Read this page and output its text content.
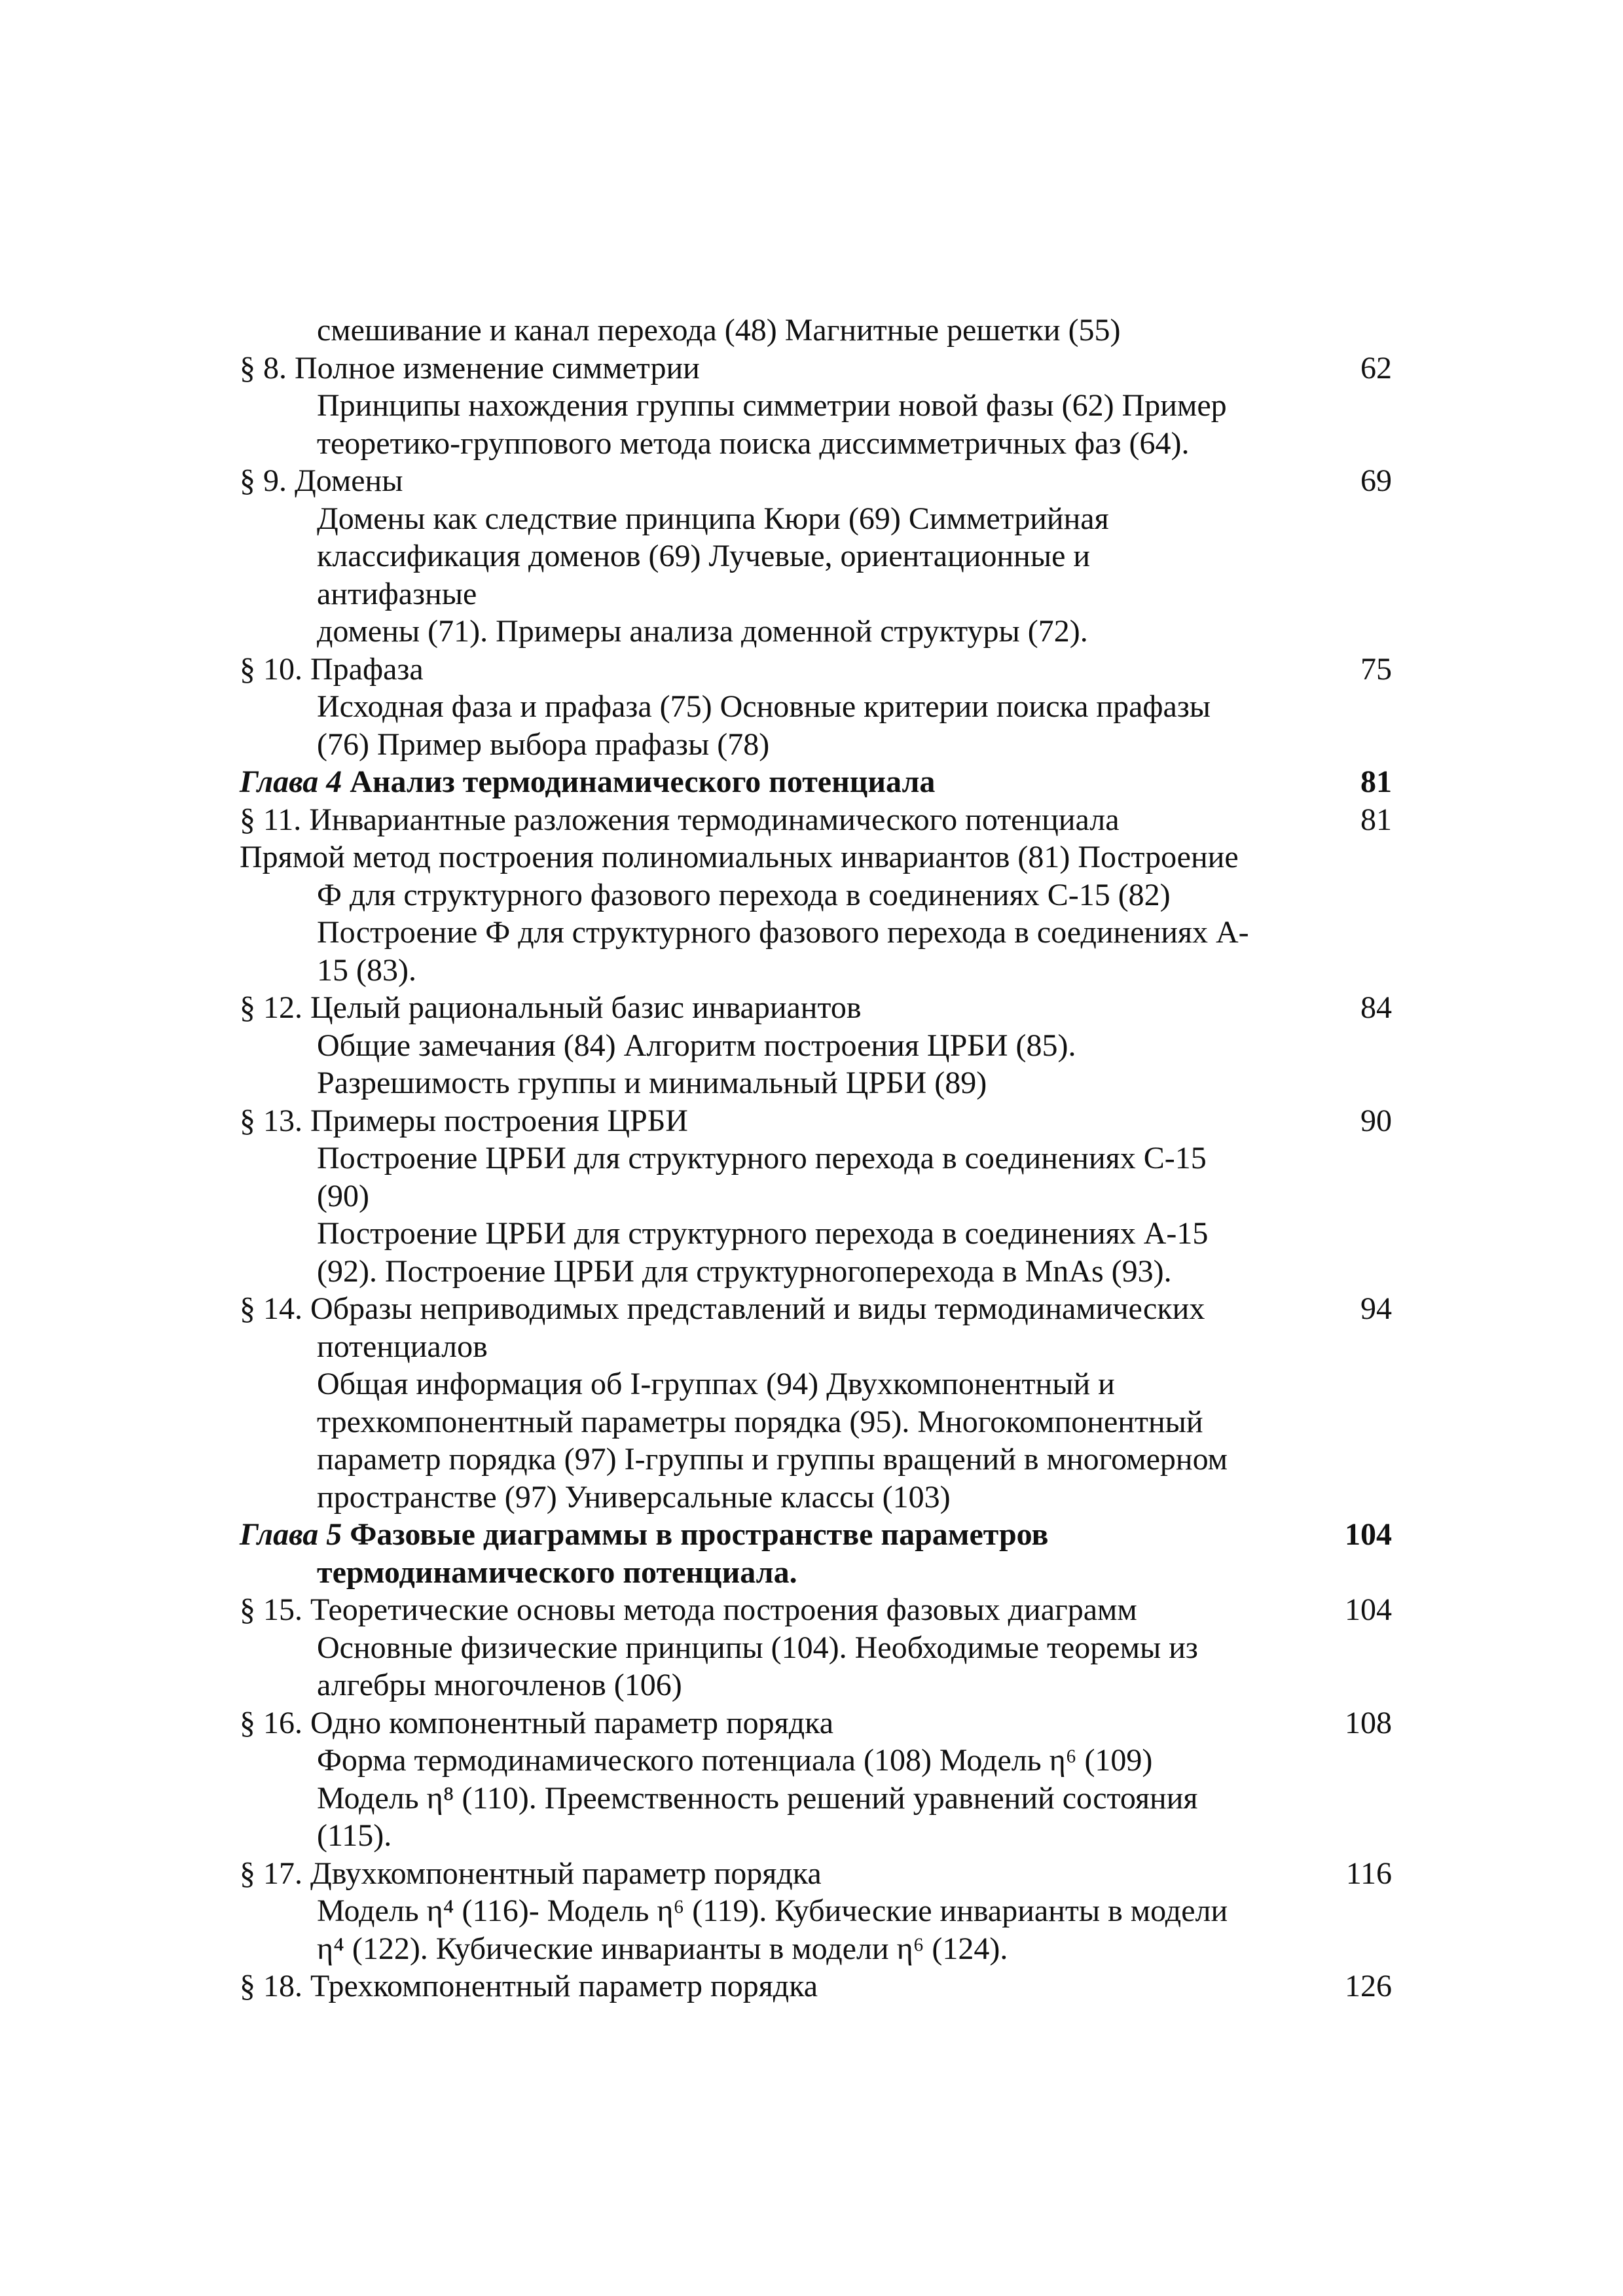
смешивание и канал перехода (48) Магнитные решетки (55)
§ 8. Полное изменение симметрии	62
Принципы нахождения группы симметрии новой фазы (62) Пример
теоретико-группового метода поиска диссимметричных фаз (64).
§ 9. Домены	69
Домены как следствие принципа Кюри (69) Симметрийная
классификация доменов (69) Лучевые, ориентационные и антифазные
домены (71). Примеры анализа доменной структуры (72).
§ 10. Прафаза	75
Исходная фаза и прафаза (75) Основные критерии поиска прафазы
(76) Пример выбора прафазы (78)
Глава 4 Анализ термодинамического потенциала	81
§ 11. Инвариантные разложения термодинамического потенциала	81
Прямой метод построения полиномиальных инвариантов (81) Построение
Ф для структурного фазового перехода в соединениях С-15 (82)
Построение Ф для структурного фазового перехода в соединениях А-
15 (83).
§ 12. Целый рациональный базис инвариантов	84
Общие замечания (84) Алгоритм построения ЦРБИ (85).
Разрешимость группы и минимальный ЦРБИ (89)
§ 13. Примеры построения ЦРБИ	90
Построение ЦРБИ для структурного перехода в соединениях С-15 (90)
Построение ЦРБИ для структурного перехода в соединениях А-15
(92). Построение ЦРБИ для структурногоперехода в MnAs (93).
§ 14. Образы неприводимых представлений и виды термодинамических	94
потенциалов
Общая информация об I-группах (94) Двухкомпонентный и
трехкомпонентный параметры порядка (95). Многокомпонентный
параметр порядка (97) I-группы и группы вращений в многомерном
пространстве (97) Универсальные классы (103)
Глава 5 Фазовые диаграммы в пространстве параметров	104
термодинамического потенциала.
§ 15. Теоретические основы метода построения фазовых диаграмм	104
Основные физические принципы (104). Необходимые теоремы из
алгебры многочленов (106)
§ 16. Одно компонентный параметр порядка	108
Форма термодинамического потенциала (108) Модель η⁶ (109)
Модель η⁸ (110). Преемственность решений уравнений состояния
(115).
§ 17. Двухкомпонентный параметр порядка	116
Модель η⁴ (116)- Модель η⁶ (119). Кубические инварианты в модели
η⁴ (122). Кубические инварианты в модели η⁶ (124).
§ 18. Трехкомпонентный параметр порядка	126
